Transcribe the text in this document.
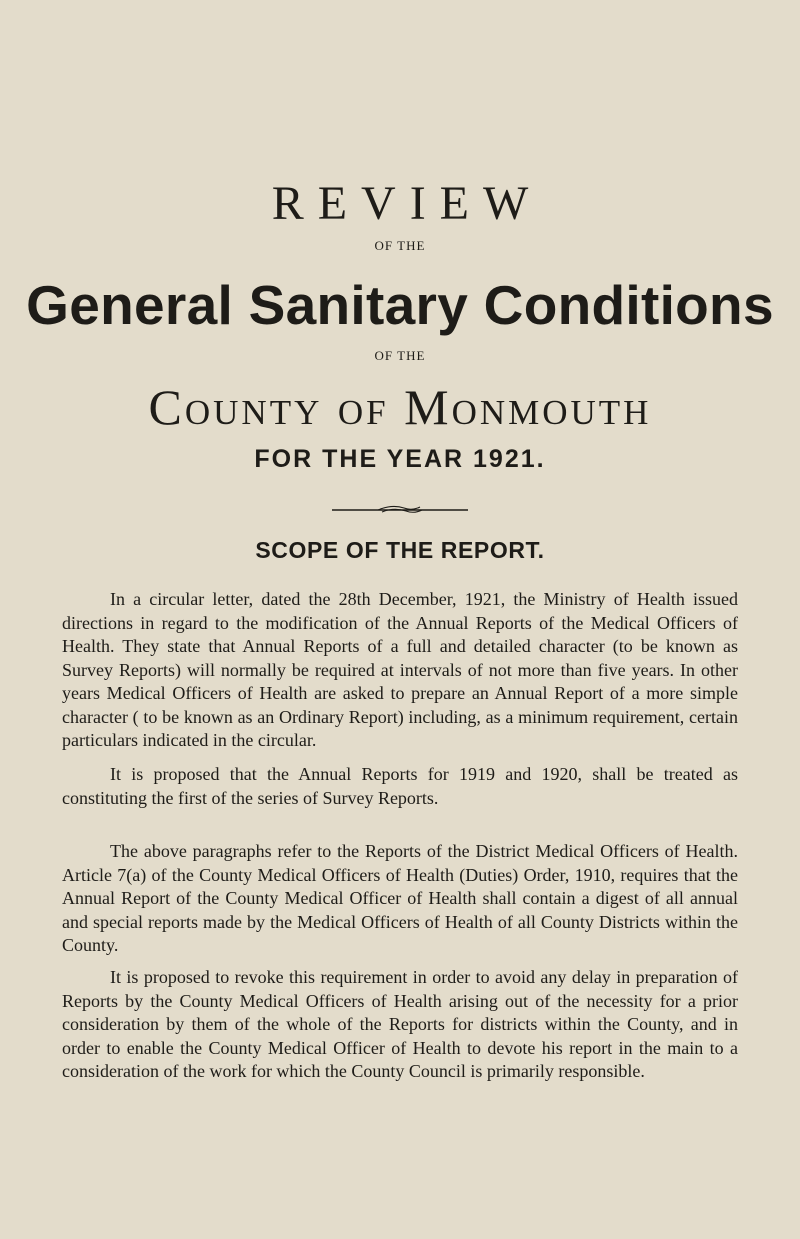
REVIEW
OF THE
General Sanitary Conditions
OF THE
County of Monmouth
FOR THE YEAR 1921.
SCOPE OF THE REPORT.

In a circular letter, dated the 28th December, 1921, the Ministry of Health issued directions in regard to the modification of the Annual Reports of the Medical Officers of Health. They state that Annual Reports of a full and detailed character (to be known as Survey Reports) will normally be required at intervals of not more than five years. In other years Medical Officers of Health are asked to prepare an Annual Report of a more simple character ( to be known as an Ordinary Report) including, as a minimum requirement, certain particulars indicated in the circular.

It is proposed that the Annual Reports for 1919 and 1920, shall be treated as constituting the first of the series of Survey Reports.

The above paragraphs refer to the Reports of the District Medical Officers of Health. Article 7(a) of the County Medical Officers of Health (Duties) Order, 1910, requires that the Annual Report of the County Medical Officer of Health shall contain a digest of all annual and special reports made by the Medical Officers of Health of all County Districts within the County.

It is proposed to revoke this requirement in order to avoid any delay in preparation of Reports by the County Medical Officers of Health arising out of the necessity for a prior consideration by them of the whole of the Reports for districts within the County, and in order to enable the County Medical Officer of Health to devote his report in the main to a consideration of the work for which the County Council is primarily responsible.
